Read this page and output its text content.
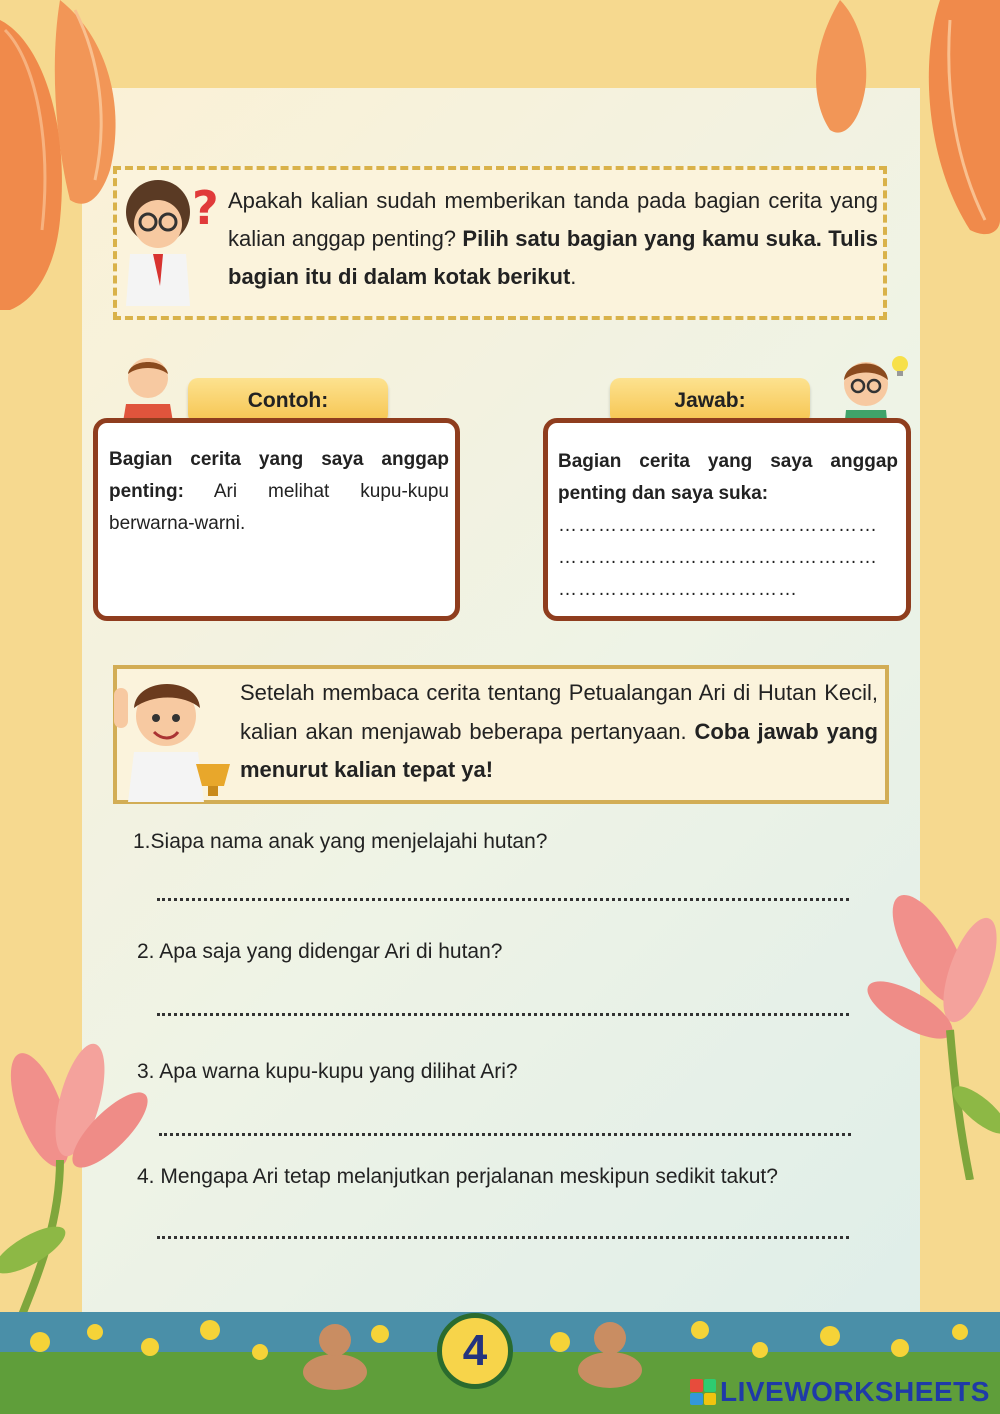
? Apakah kalian sudah memberikan tanda pada bagian cerita yang kalian anggap penting? Pilih satu bagian yang kamu suka. Tulis bagian itu di dalam kotak berikut.
Contoh:
Bagian cerita yang saya anggap penting: Ari melihat kupu-kupu berwarna-warni.
Jawab:
Bagian cerita yang saya anggap penting dan saya suka:
…………………………………………
…………………………………………
………………………………
Setelah membaca cerita tentang Petualangan Ari di Hutan Kecil, kalian akan menjawab beberapa pertanyaan. Coba jawab yang menurut kalian tepat ya!
1.Siapa nama anak yang menjelajahi hutan?
2. Apa saja yang didengar Ari di hutan?
3. Apa warna kupu-kupu yang dilihat Ari?
4. Mengapa Ari tetap melanjutkan perjalanan meskipun sedikit takut?
4
LIVEWORKSHEETS
